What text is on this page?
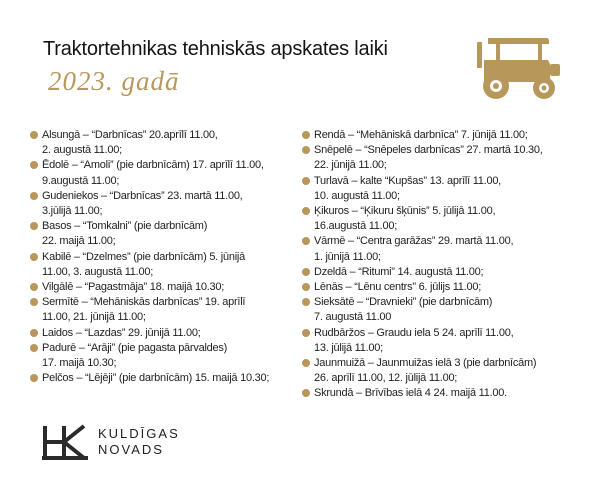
Traktortehnikas tehniskās apskates laiki
2023. gadā
Alsungā – “Darbnīcas” 20.aprīlī 11.00,
2. augustā 11.00;
Ēdolē – “Amoli” (pie darbnīcām) 17. aprīlī 11.00,
9.augustā 11.00;
Gudeniekos – “Darbnīcas” 23. martā 11.00,
3.jūlijā 11.00;
Basos – “Tomkalni” (pie darbnīcām)
22. maijā 11.00;
Kabilē – “Dzelmes” (pie darbnīcām) 5. jūnijā
11.00, 3. augustā 11.00;
Vilgālē – “Pagastmāja” 18. maijā 10.30;
Sermītē – “Mehāniskās darbnīcas” 19. aprīlī
11.00, 21. jūnijā 11.00;
Laidos – “Lazdas” 29. jūnijā 11.00;
Padurē – “Arāji” (pie pagasta pārvaldes)
17. maijā 10.30;
Pelčos – “Lējēji” (pie darbnīcām) 15. maijā 10.30;
Rendā – “Mehāniskā darbnīca” 7. jūnijā 11.00;
Snēpelē – “Snēpeles darbnīcas” 27. martā 10.30,
22. jūnijā 11.00;
Turlavā – kalte “Kupšas” 13. aprīlī 11.00,
10. augustā 11.00;
Ķikuros – “Ķikuru šķūnis” 5. jūlijā 11.00,
16.augustā 11.00;
Vārmē – “Centra garāžas” 29. martā 11.00,
1. jūnijā 11.00;
Dzeldā – “Ritumi” 14. augustā 11.00;
Lēnās – “Lēnu centrs” 6. jūlijs 11.00;
Sieksātē – “Dravnieki” (pie darbnīcām)
7. augustā 11.00
Rudbāržos – Graudu iela 5 24. aprīlī 11.00,
13. jūlijā 11.00;
Jaunmuižā – Jaunmuižas ielā 3 (pie darbnīcām)
26. aprīlī 11.00, 12. jūlijā 11.00;
Skrundā – Brīvības ielā 4 24. maijā 11.00.
KULDĪGAS
NOVADS
